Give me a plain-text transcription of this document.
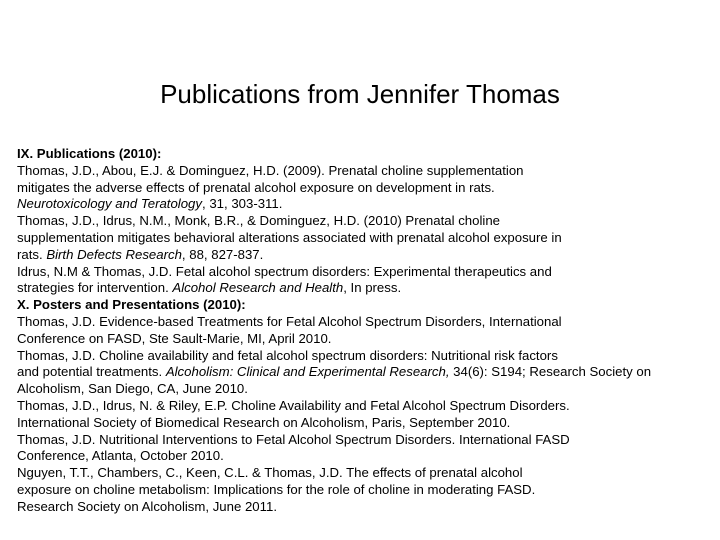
Publications from Jennifer Thomas
IX. Publications (2010):
Thomas, J.D., Abou, E.J. & Dominguez, H.D. (2009). Prenatal choline supplementation
mitigates the adverse effects of prenatal alcohol exposure on development in rats.
Neurotoxicology and Teratology, 31, 303-311.
Thomas, J.D., Idrus, N.M., Monk, B.R., & Dominguez, H.D. (2010) Prenatal choline
supplementation mitigates behavioral alterations associated with prenatal alcohol exposure in
rats. Birth Defects Research, 88, 827-837.
Idrus, N.M & Thomas, J.D. Fetal alcohol spectrum disorders: Experimental therapeutics and
strategies for intervention. Alcohol Research and Health, In press.
X. Posters and Presentations (2010):
Thomas, J.D. Evidence-based Treatments for Fetal Alcohol Spectrum Disorders, International
Conference on FASD, Ste Sault-Marie, MI, April 2010.
Thomas, J.D. Choline availability and fetal alcohol spectrum disorders: Nutritional risk factors
and potential treatments. Alcoholism: Clinical and Experimental Research, 34(6): S194; Research Society on
Alcoholism, San Diego, CA, June 2010.
Thomas, J.D., Idrus, N. & Riley, E.P. Choline Availability and Fetal Alcohol Spectrum Disorders.
International Society of Biomedical Research on Alcoholism, Paris, September 2010.
Thomas, J.D. Nutritional Interventions to Fetal Alcohol Spectrum Disorders. International FASD
Conference, Atlanta, October 2010.
Nguyen, T.T., Chambers, C., Keen, C.L. & Thomas, J.D. The effects of prenatal alcohol
exposure on choline metabolism: Implications for the role of choline in moderating FASD.
Research Society on Alcoholism, June 2011.
